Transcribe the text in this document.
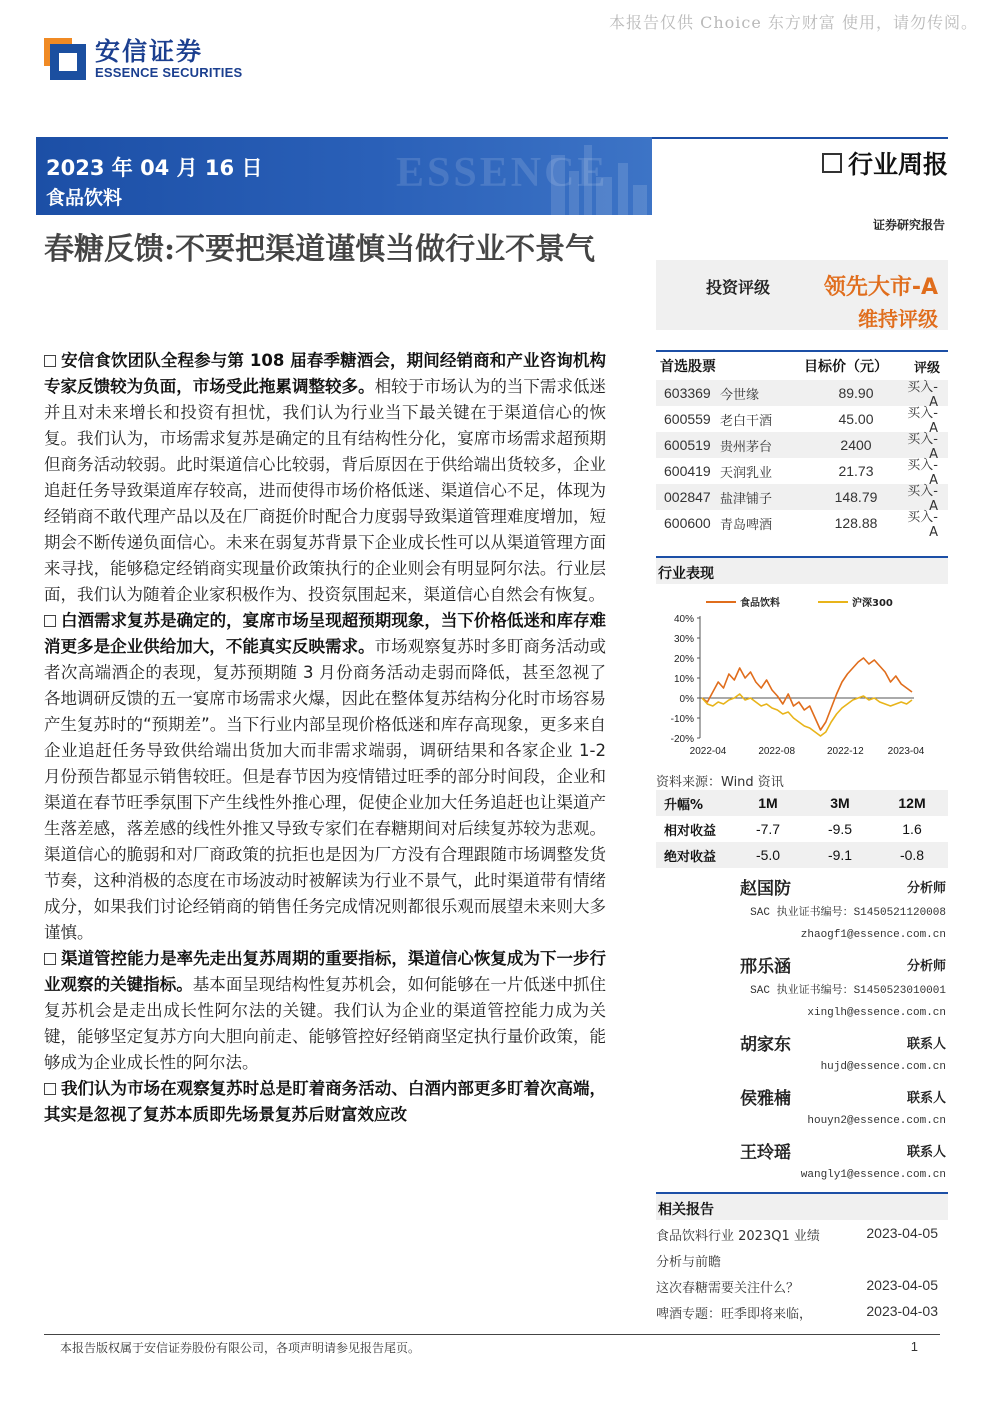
本报告仅供 Choice 东方财富 使用，请勿传阅。
安信证券
ESSENCE SECURITIES
ESSENCE
2023 年 04 月 16 日
食品饮料
行业周报
证券研究报告
春糖反馈:不要把渠道谨慎当做行业不景气
投资评级 领先大市-A
维持评级
首选股票	目标价（元）	评级
603369 今世缘	89.90	买入-A
600559 老白干酒	45.00	买入-A
600519 贵州茅台	2400	买入-A
600419 天润乳业	21.73	买入-A
002847 盐津铺子	148.79	买入-A
600600 青岛啤酒	128.88	买入-A
行业表现
食品饮料	沪深300
40%
30%
20%
10%
0%
-10%
-20%
2022-04	2022-08	2022-12 2023-04
资料来源：Wind 资讯
升幅%	1M	3M	12M
相对收益	-7.7	-9.5	1.6
绝对收益	-5.0	-9.1	-0.8
赵国防	分析师
SAC 执业证书编号：S1450521120008
zhaogf1@essence.com.cn
邢乐涵	分析师
SAC 执业证书编号：S1450523010001
xinglh@essence.com.cn
胡家东	联系人
hujd@essence.com.cn
侯雅楠	联系人
houyn2@essence.com.cn
王玲瑶	联系人
wangly1@essence.com.cn
相关报告
食品饮料行业 2023Q1 业绩	2023-04-05
分析与前瞻
这次春糖需要关注什么？	2023-04-05
啤酒专题：旺季即将来临，	2023-04-03

安信食饮团队全程参与第 108 届春季糖酒会，期间经销商和产业咨询机构专家反馈较为负面，市场受此拖累调整较多。相较于市场认为的当下需求低迷并且对未来增长和投资有担忧，我们认为行业当下最关键在于渠道信心的恢复。我们认为，市场需求复苏是确定的且有结构性分化，宴席市场需求超预期但商务活动较弱。此时渠道信心比较弱，背后原因在于供给端出货较多，企业追赶任务导致渠道库存较高，进而使得市场价格低迷、渠道信心不足，体现为经销商不敢代理产品以及在厂商挺价时配合力度弱导致渠道管理难度增加，短期会不断传递负面信心。未来在弱复苏背景下企业成长性可以从渠道管理方面来寻找，能够稳定经销商实现量价政策执行的企业则会有明显阿尔法。行业层面，我们认为随着企业家积极作为、投资氛围起来，渠道信心自然会有恢复。

白酒需求复苏是确定的，宴席市场呈现超预期现象，当下价格低迷和库存难消更多是企业供给加大，不能真实反映需求。市场观察复苏时多盯商务活动或者次高端酒企的表现，复苏预期随 3 月份商务活动走弱而降低，甚至忽视了各地调研反馈的五一宴席市场需求火爆，因此在整体复苏结构分化时市场容易产生复苏时的“预期差”。当下行业内部呈现价格低迷和库存高现象，更多来自企业追赶任务导致供给端出货加大而非需求端弱，调研结果和各家企业 1-2 月份预告都显示销售较旺。但是春节因为疫情错过旺季的部分时间段，企业和渠道在春节旺季氛围下产生线性外推心理，促使企业加大任务追赶也让渠道产生落差感，落差感的线性外推又导致专家们在春糖期间对后续复苏较为悲观。渠道信心的脆弱和对厂商政策的抗拒也是因为厂方没有合理跟随市场调整发货节奏，这种消极的态度在市场波动时被解读为行业不景气，此时渠道带有情绪成分，如果我们讨论经销商的销售任务完成情况则都很乐观而展望未来则大多谨慎。

渠道管控能力是率先走出复苏周期的重要指标，渠道信心恢复成为下一步行业观察的关键指标。基本面呈现结构性复苏机会，如何能够在一片低迷中抓住复苏机会是走出成长性阿尔法的关键。我们认为企业的渠道管控能力成为关键，能够坚定复苏方向大胆向前走、能够管控好经销商坚定执行量价政策，能够成为企业成长性的阿尔法。

我们认为市场在观察复苏时总是盯着商务活动、白酒内部更多盯着次高端，其实是忽视了复苏本质即先场景复苏后财富效应改

本报告版权属于安信证券股份有限公司，各项声明请参见报告尾页。	1
